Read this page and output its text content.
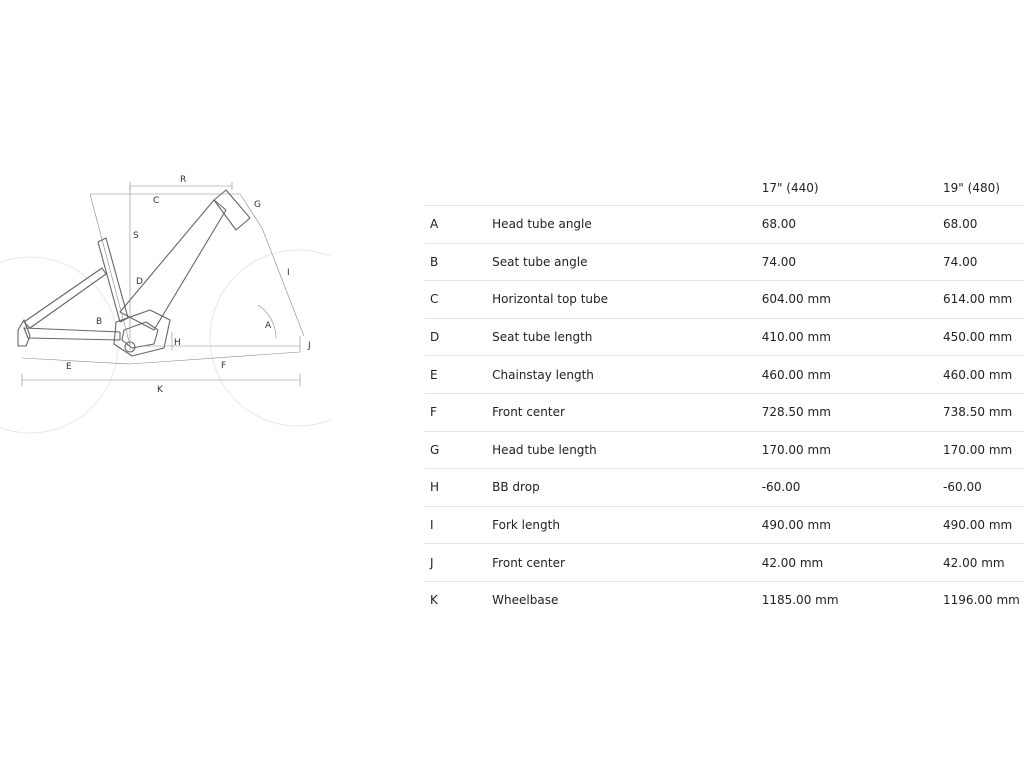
R
C	G
S
I
D
A
B
H	J
E	F
K
		17" (440)	19" (480)
A	Head tube angle	68.00	68.00
B	Seat tube angle	74.00	74.00
C	Horizontal top tube	604.00 mm	614.00 mm
D	Seat tube length	410.00 mm	450.00 mm
E	Chainstay length	460.00 mm	460.00 mm
F	Front center	728.50 mm	738.50 mm
G	Head tube length	170.00 mm	170.00 mm
H	BB drop	-60.00	-60.00
I	Fork length	490.00 mm	490.00 mm
J	Front center	42.00 mm	42.00 mm
K	Wheelbase	1185.00 mm	1196.00 mm
